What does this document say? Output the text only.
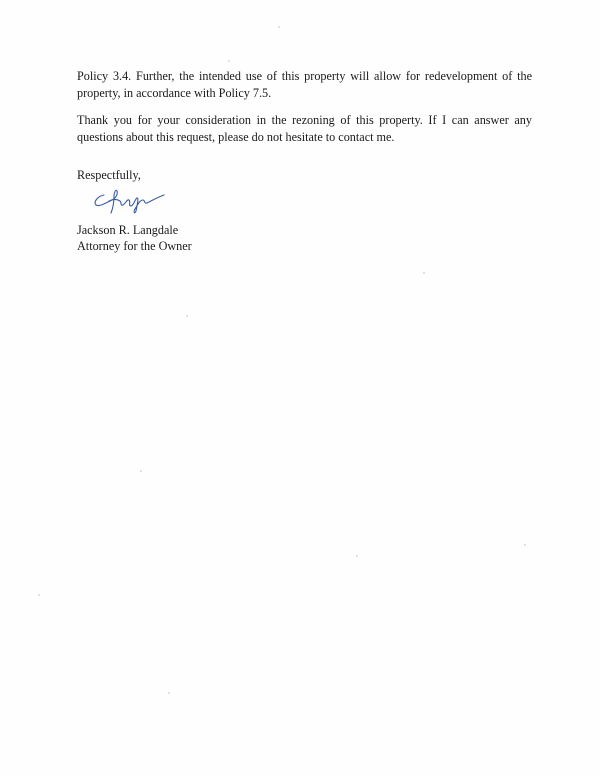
Policy 3.4. Further, the intended use of this property will allow for redevelopment of the property, in accordance with Policy 7.5.

Thank you for your consideration in the rezoning of this property. If I can answer any questions about this request, please do not hesitate to contact me.

Respectfully,

Jackson R. Langdale

Attorney for the Owner
